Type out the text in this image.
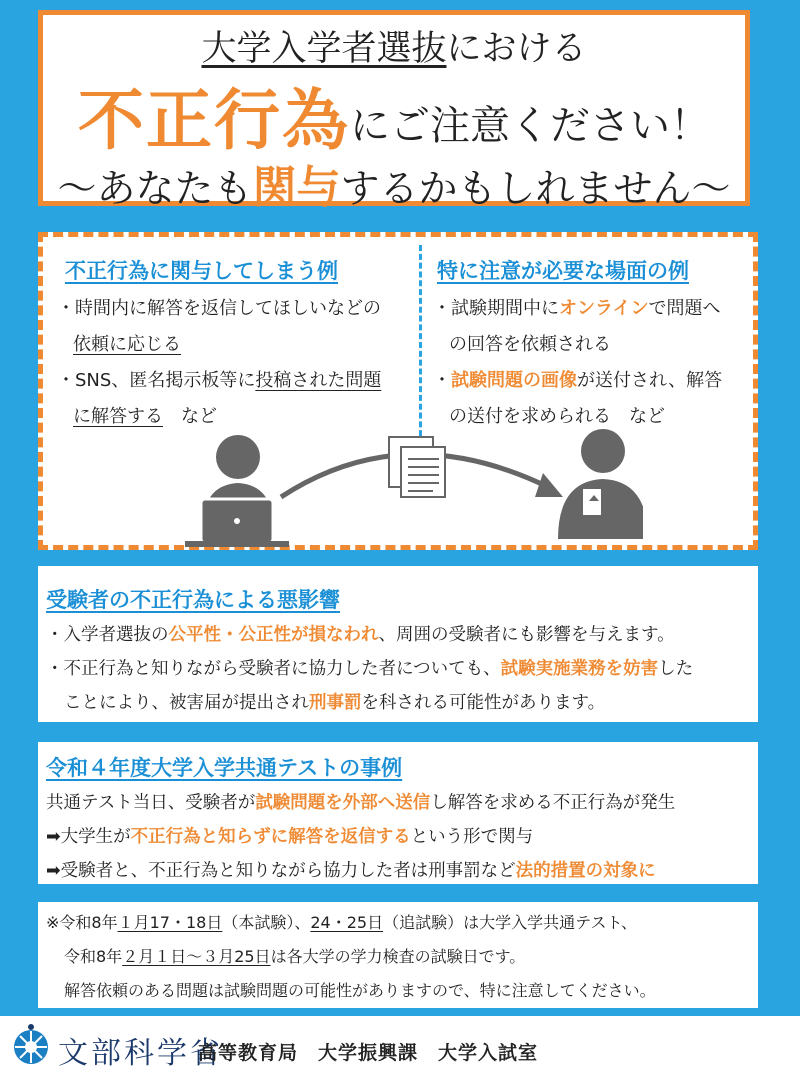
大学入学者選抜における
不正行為にご注意ください！
～あなたも関与するかもしれません～
不正行為に関与してしまう例
・時間内に解答を返信してほしいなどの
依頼に応じる
・SNS、匿名掲示板等に投稿された問題
に解答する　など
特に注意が必要な場面の例
・試験期間中にオンラインで問題へ
の回答を依頼される
・試験問題の画像が送付され、解答
の送付を求められる　など
受験者の不正行為による悪影響
・入学者選抜の公平性・公正性が損なわれ、周囲の受験者にも影響を与えます。
・不正行為と知りながら受験者に協力した者についても、試験実施業務を妨害した
ことにより、被害届が提出され刑事罰を科される可能性があります。
令和４年度大学入学共通テストの事例
共通テスト当日、受験者が試験問題を外部へ送信し解答を求める不正行為が発生
➡大学生が不正行為と知らずに解答を返信するという形で関与
➡受験者と、不正行為と知りながら協力した者は刑事罰など法的措置の対象に
※令和8年１月17・18日（本試験）、24・25日（追試験）は大学入学共通テスト、
令和8年２月１日～３月25日は各大学の学力検査の試験日です。
解答依頼のある問題は試験問題の可能性がありますので、特に注意してください。
文部科学省
高等教育局　大学振興課　大学入試室
